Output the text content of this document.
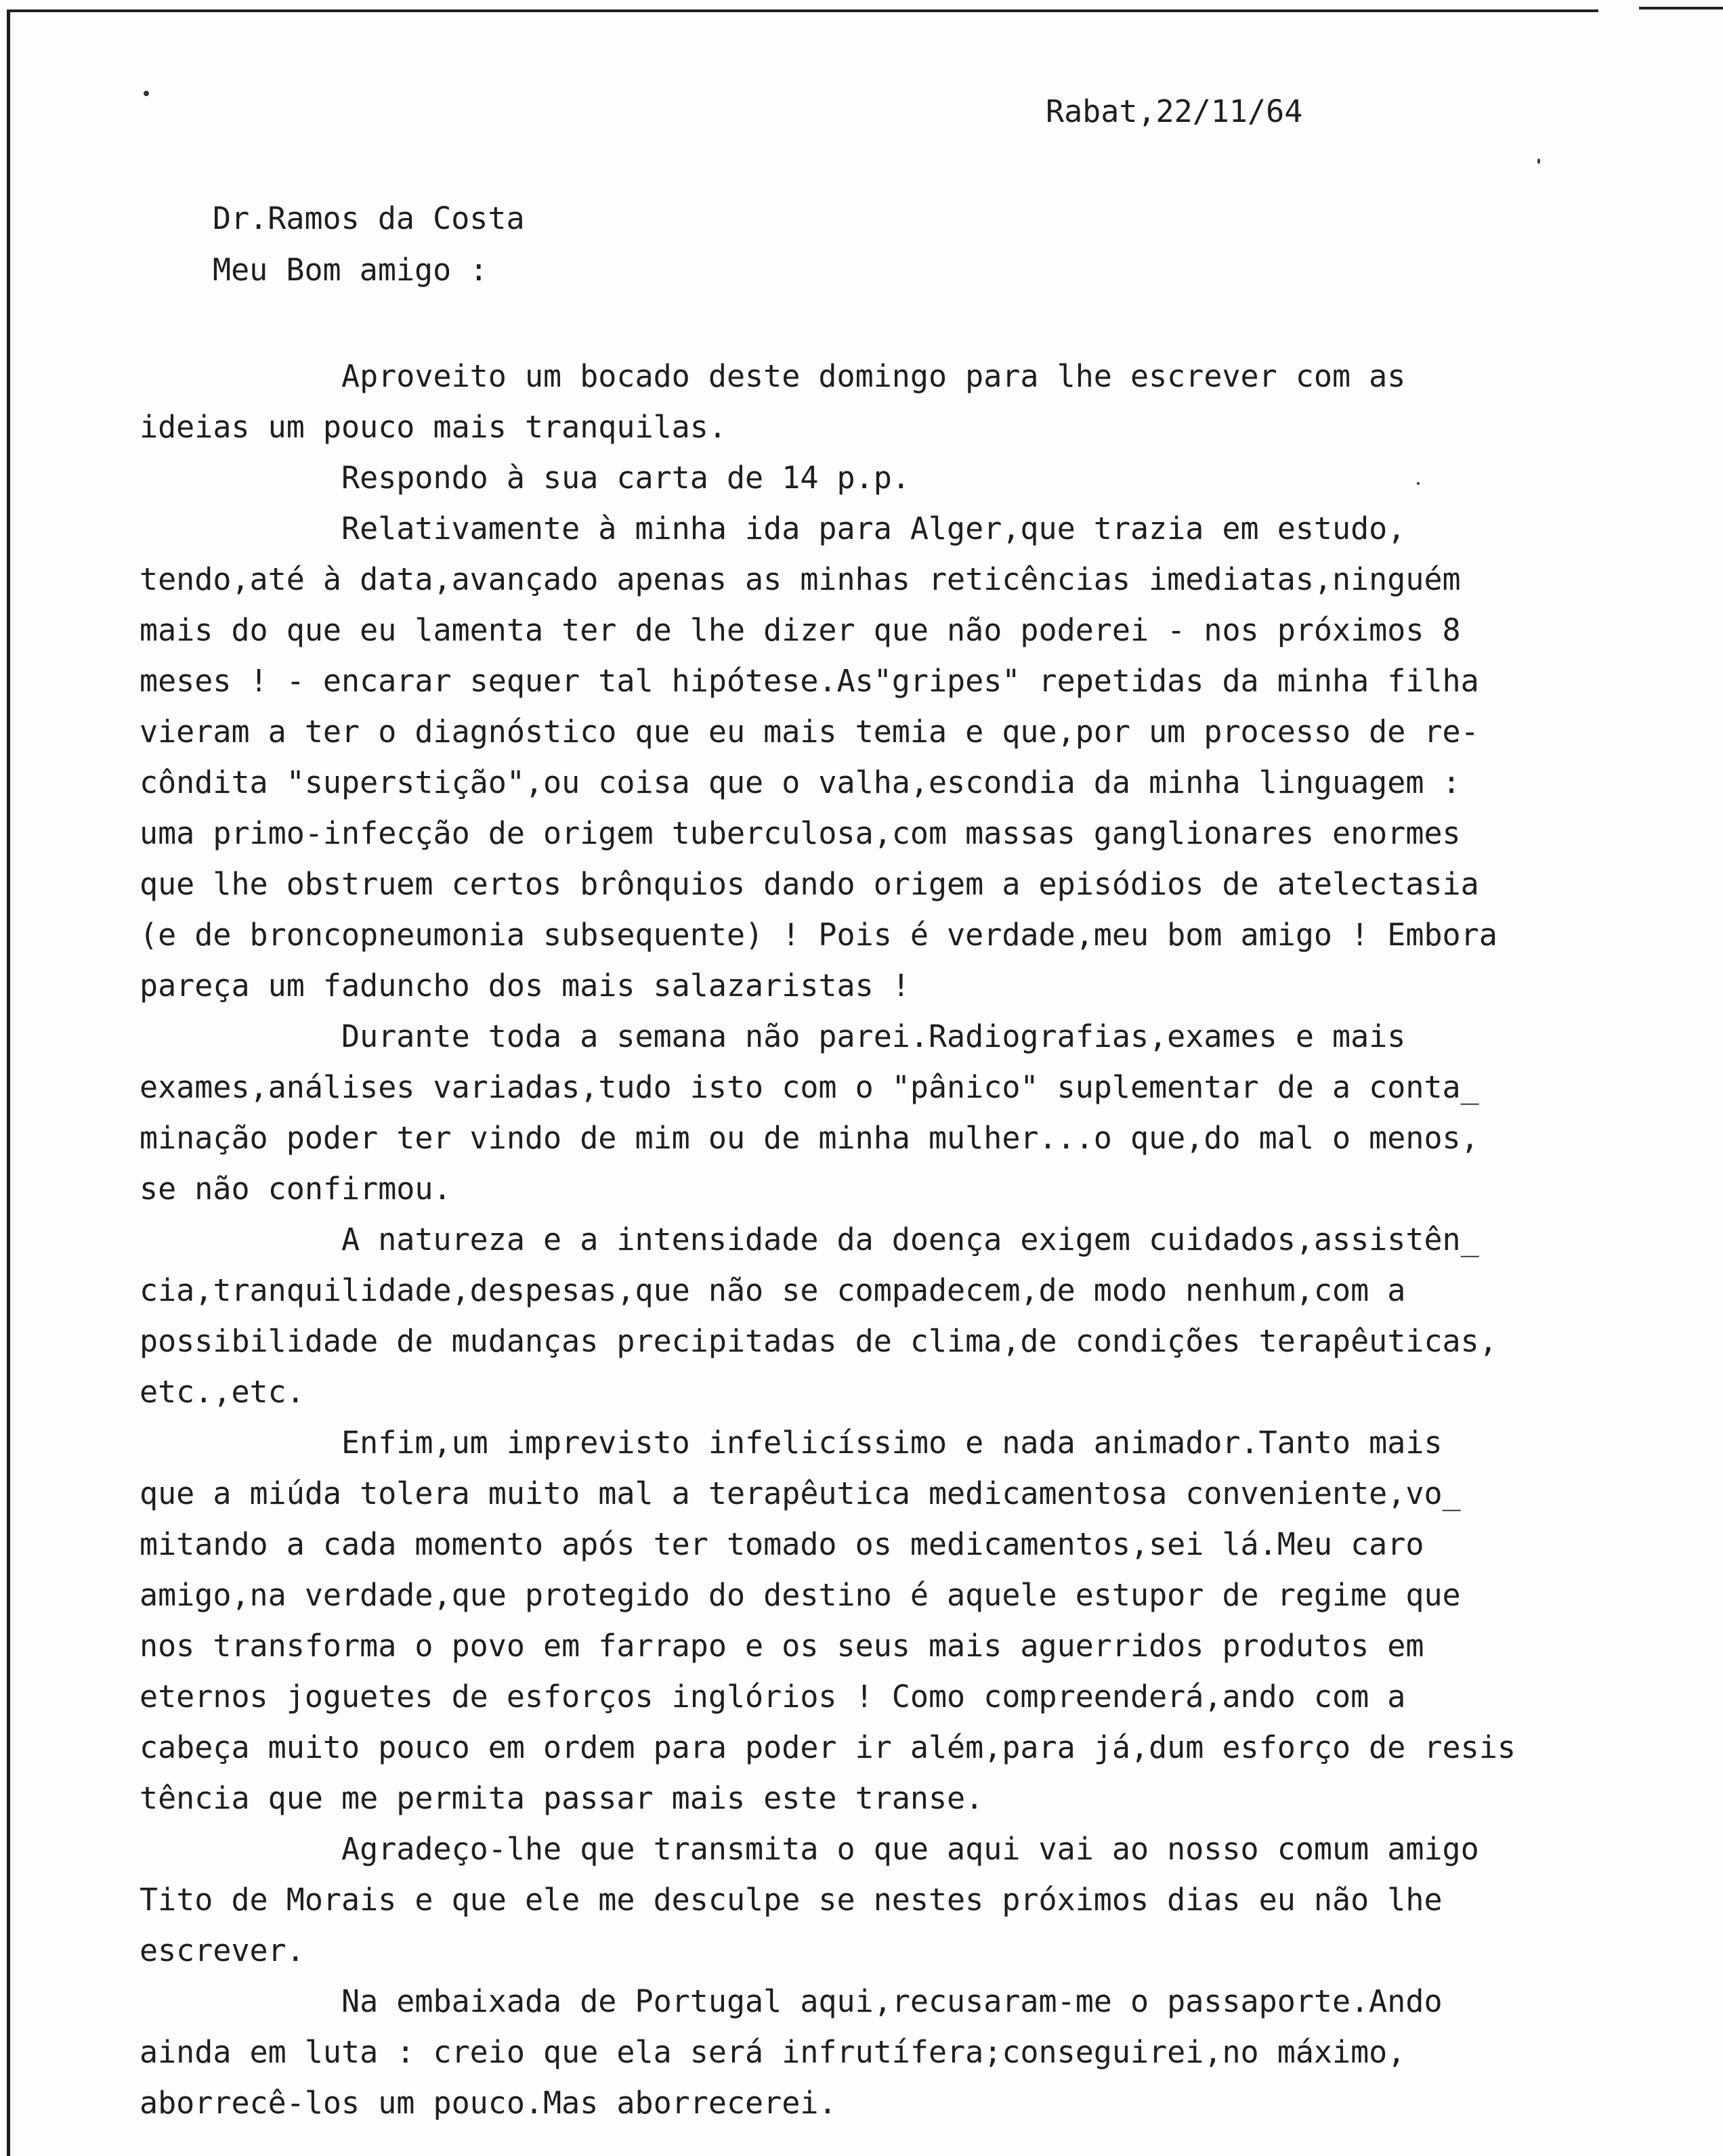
Rabat,22/11/64

Dr.Ramos da Costa

Meu Bom amigo :

Aproveito um bocado deste domingo para lhe escrever com as
ideias um pouco mais tranquilas.
Respondo à sua carta de 14 p.p.
Relativamente à minha ida para Alger,que trazia em estudo,
tendo,até à data,avançado apenas as minhas reticências imediatas,ninguém
mais do que eu lamenta ter de lhe dizer que não poderei - nos próximos 8
meses ! - encarar sequer tal hipótese.As"gripes" repetidas da minha filha
vieram a ter o diagnóstico que eu mais temia e que,por um processo de re-
côndita "superstição",ou coisa que o valha,escondia da minha linguagem :
uma primo-infecção de origem tuberculosa,com massas ganglionares enormes
que lhe obstruem certos brônquios dando origem a episódios de atelectasia
(e de broncopneumonia subsequente) ! Pois é verdade,meu bom amigo ! Embora
pareça um faduncho dos mais salazaristas !
Durante toda a semana não parei.Radiografias,exames e mais
exames,análises variadas,tudo isto com o "pânico" suplementar de a conta_
minação poder ter vindo de mim ou de minha mulher...o que,do mal o menos,
se não confirmou.
A natureza e a intensidade da doença exigem cuidados,assistên_
cia,tranquilidade,despesas,que não se compadecem,de modo nenhum,com a
possibilidade de mudanças precipitadas de clima,de condições terapêuticas,
etc.,etc.
Enfim,um imprevisto infelicíssimo e nada animador.Tanto mais
que a miúda tolera muito mal a terapêutica medicamentosa conveniente,vo_
mitando a cada momento após ter tomado os medicamentos,sei lá.Meu caro
amigo,na verdade,que protegido do destino é aquele estupor de regime que
nos transforma o povo em farrapo e os seus mais aguerridos produtos em
eternos joguetes de esforços inglórios ! Como compreenderá,ando com a
cabeça muito pouco em ordem para poder ir além,para já,dum esforço de resis
tência que me permita passar mais este transe.
Agradeço-lhe que transmita o que aqui vai ao nosso comum amigo
Tito de Morais e que ele me desculpe se nestes próximos dias eu não lhe
escrever.
Na embaixada de Portugal aqui,recusaram-me o passaporte.Ando
ainda em luta : creio que ela será infrutífera;conseguirei,no máximo,
aborrecê-los um pouco.Mas aborrecerei.
